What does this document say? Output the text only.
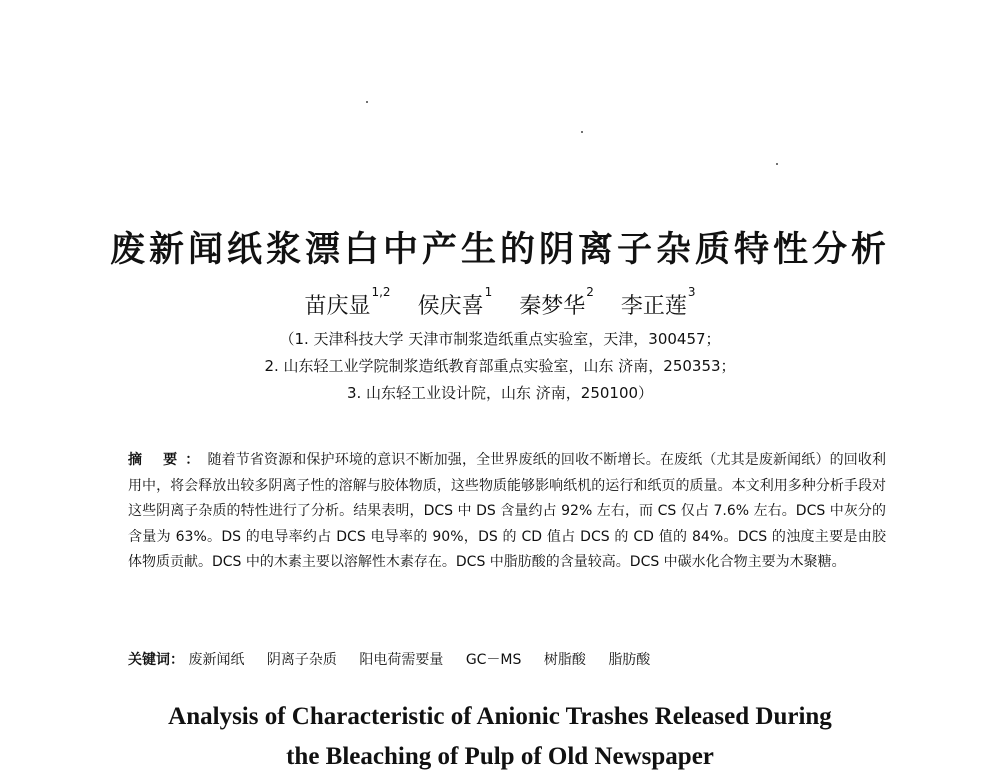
废新闻纸浆漂白中产生的阴离子杂质特性分析
苗庆显$^{1,2}$ 侯庆喜$^1$ 秦梦华$^2$ 李正莲$^3$
（1. 天津科技大学 天津市制浆造纸重点实验室，天津，300457；
2. 山东轻工业学院制浆造纸教育部重点实验室，山东 济南，250353；
3. 山东轻工业设计院，山东 济南，250100）
摘 要：随着节省资源和保护环境的意识不断加强，全世界废纸的回收不断增长。在废纸（尤其是废新闻纸）的回收利用中，将会释放出较多阴离子性的溶解与胶体物质，这些物质能够影响纸机的运行和纸页的质量。本文利用多种分析手段对这些阴离子杂质的特性进行了分析。结果表明，DCS 中 DS 含量约占 92% 左右，而 CS 仅占 7.6% 左右。DCS 中灰分的含量为 63%。DS 的电导率约占 DCS 电导率的 90%，DS 的 CD 值占 DCS 的 CD 值的 84%。DCS 的浊度主要是由胶体物质贡献。DCS 中的木素主要以溶解性木素存在。DCS 中脂肪酸的含量较高。DCS 中碳水化合物主要为木聚糖。
关键词： 废新闻纸 阴离子杂质 阳电荷需要量 GC－MS 树脂酸 脂肪酸
Analysis of Characteristic of Anionic Trashes Released During
the Bleaching of Pulp of Old Newspaper
